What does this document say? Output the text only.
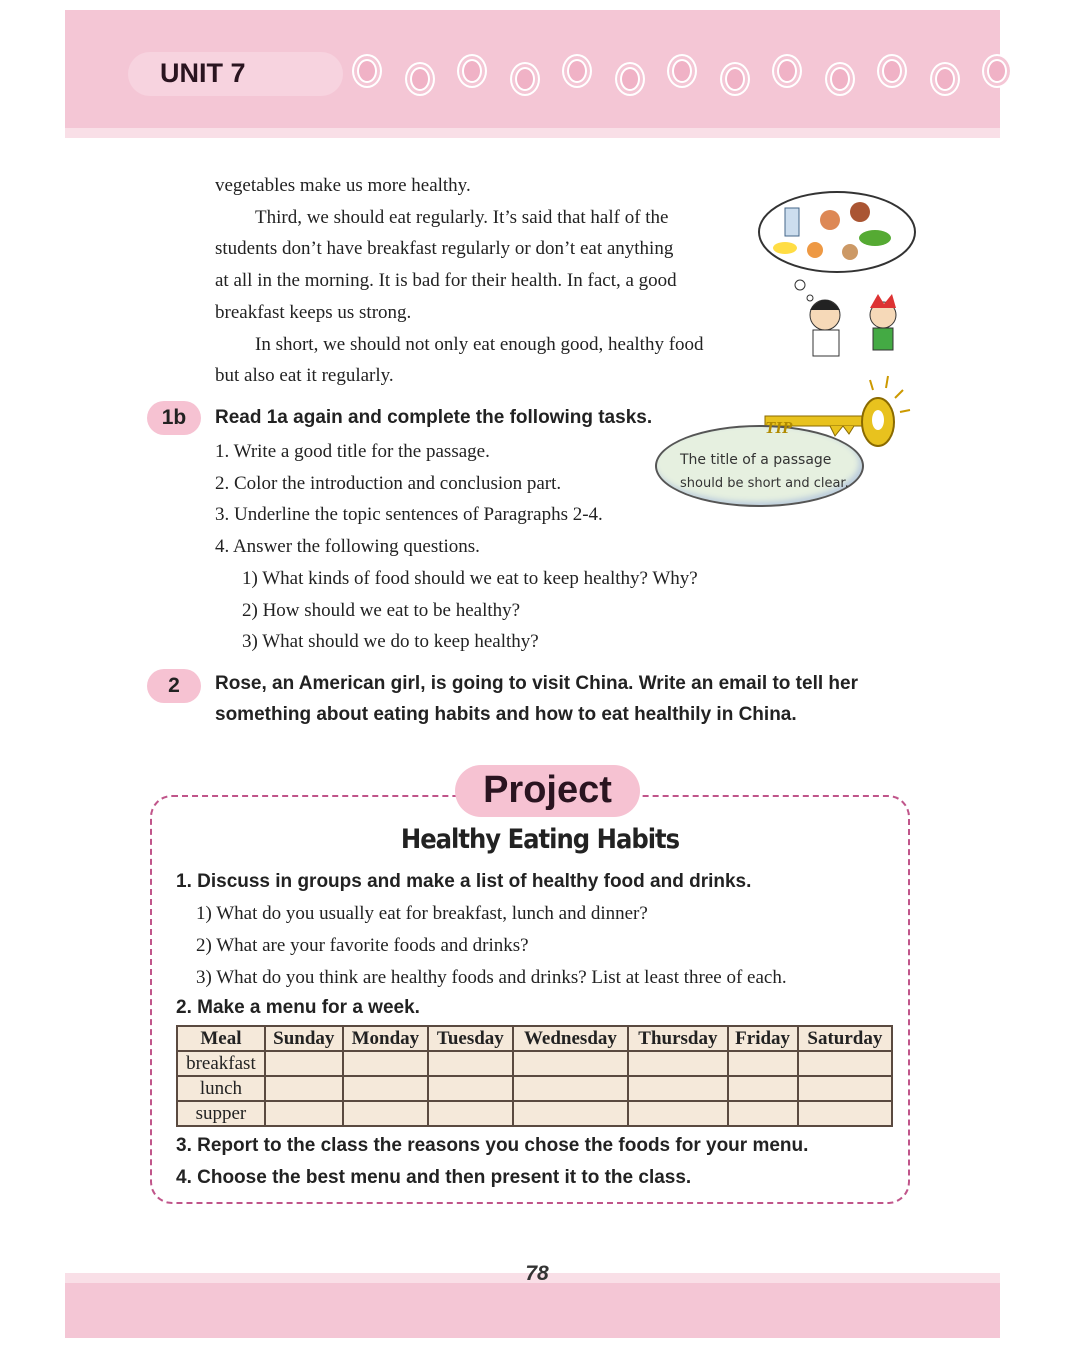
UNIT 7
vegetables make us more healthy.
Third, we should eat regularly. It’s said that half of the
students don’t have breakfast regularly or don’t eat anything
at all in the morning. It is bad for their health. In fact, a good
breakfast keeps us strong.
In short, we should not only eat enough good, healthy food
but also eat it regularly.
1b	Read 1a again and complete the following tasks.
1. Write a good title for the passage.
2. Color the introduction and conclusion part.
3. Underline the topic sentences of Paragraphs 2-4.
4. Answer the following questions.
1) What kinds of food should we eat to keep healthy? Why?
2) How should we eat to be healthy?
3) What should we do to keep healthy?
TIP
The title of a passage
should be short and clear.
2	Rose, an American girl, is going to visit China. Write an email to tell her
something about eating habits and how to eat healthily in China.
Project
Healthy Eating Habits
1. Discuss in groups and make a list of healthy food and drinks.
1) What do you usually eat for breakfast, lunch and dinner?
2) What are your favorite foods and drinks?
3) What do you think are healthy foods and drinks? List at least three of each.
2. Make a menu for a week.
Meal	Sunday	Monday	Tuesday	Wednesday	Thursday	Friday	Saturday
breakfast							
lunch							
supper							
3. Report to the class the reasons you chose the foods for your menu.
4. Choose the best menu and then present it to the class.
78
